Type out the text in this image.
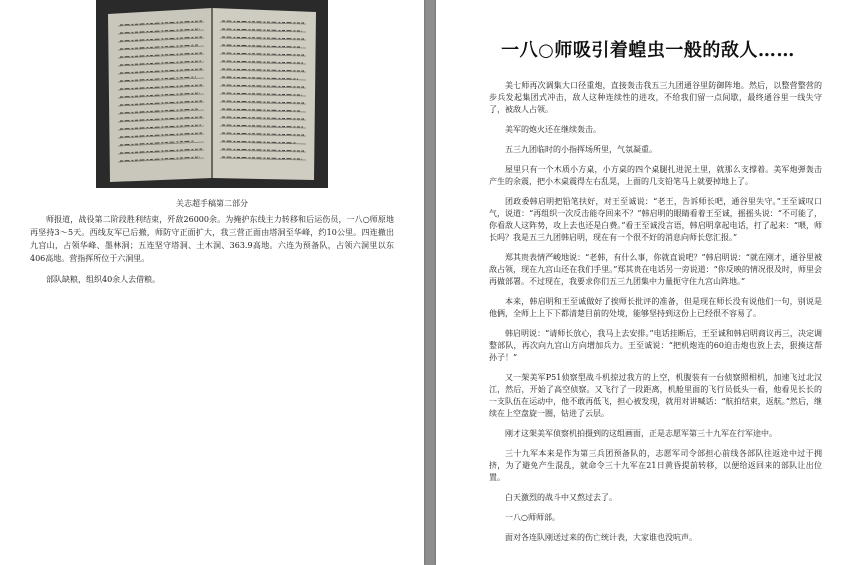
关志超手稿第二部分

师报道，战役第二阶段胜利结束，歼敌26000余。为掩护东线主力转移和后运伤员，一八○师原地再坚持3～5天。西线友军已后撤，师防守正面扩大，我三营正面由塔洞至华峰，约10公里。四连撤出九宫山，占领华峰、墨林洞；五连坚守塔洞、土木洞、363.9高地。六连为预备队，占领六洞里以东406高地。营指挥所位于六洞里。

部队缺粮，组织40余人去借粮。

一八○师吸引着蝗虫一般的敌人……

美七师再次调集大口径重炮，直接轰击我五三九团通谷里防御阵地。然后，以整营整营的步兵发起集团式冲击，敌人这种连续性的进攻，不给我们留一点间歇，最终通谷里一线失守了，被敌人占领。

美军的炮火还在继续轰击。

五三九团临时的小指挥场所里，气氛凝重。

屋里只有一个木质小方桌，小方桌的四个桌腿扎进泥土里，就那么支撑着。美军炮弹轰击产生的余震，把小木桌震得左右乱晃，上面的几支铅笔马上就要掉地上了。

团政委韩启明把铅笔扶好，对王至诚说：“老王，告诉师长吧，通谷里失守。”王至诚叹口气，说道：“再组织一次反击能夺回来不？”韩启明的眼睛看着王至诚，摇摇头说：“不可能了，你看敌人这阵势，攻上去也还是白费。”看王至诚没言语，韩启明拿起电话，打了起来：“喂，师长吗？我是五三九团韩启明，现在有一个很不好的消息向师长您汇报。”

郑其贵表情严峻地说：“老韩，有什么事，你就直说吧？”韩启明说：“就在刚才，通谷里被敌占领，现在九宫山还在我们手里。”郑其贵在电话另一旁说道：“你反映的情况很及时，师里会再做部署。不过现在，我要求你们五三九团集中力量扼守住九宫山阵地。”

本来，韩启明和王至诚做好了挨师长批评的准备，但是现在师长没有说他们一句，别说是他俩，全师上上下下都清楚目前的处境，能够坚持到这份上已经很不容易了。

韩启明说：“请师长放心，我马上去安排。”电话挂断后，王至诚和韩启明商议再三，决定调整部队，再次向九宫山方向增加兵力。王至诚说：“把机炮连的60迫击炮也放上去，狠揍这帮孙子！”

又一架美军P51侦察型战斗机掠过我方的上空，机腹装有一台侦察照相机，加速飞过北汉江，然后，开始了高空侦察。又飞行了一段距离，机舱里面的飞行员低头一看，他看见长长的一支队伍在运动中，他不敢再低飞，担心被发现，就用对讲喊话：“航拍结束，返航。”然后，继续在上空盘旋一圈，钻进了云层。

刚才这架美军侦察机拍摄到的这组画面，正是志愿军第三十九军在行军途中。

三十九军本来是作为第三兵团预备队的，志愿军司令部担心前线各部队往返途中过于拥挤，为了避免产生混乱，就命令三十九军在21日黄昏提前转移，以便给返回来的部队让出位置。

白天激烈的战斗中又熬过去了。

一八○师师部。

面对各连队刚送过来的伤亡统计表，大家谁也没吭声。
